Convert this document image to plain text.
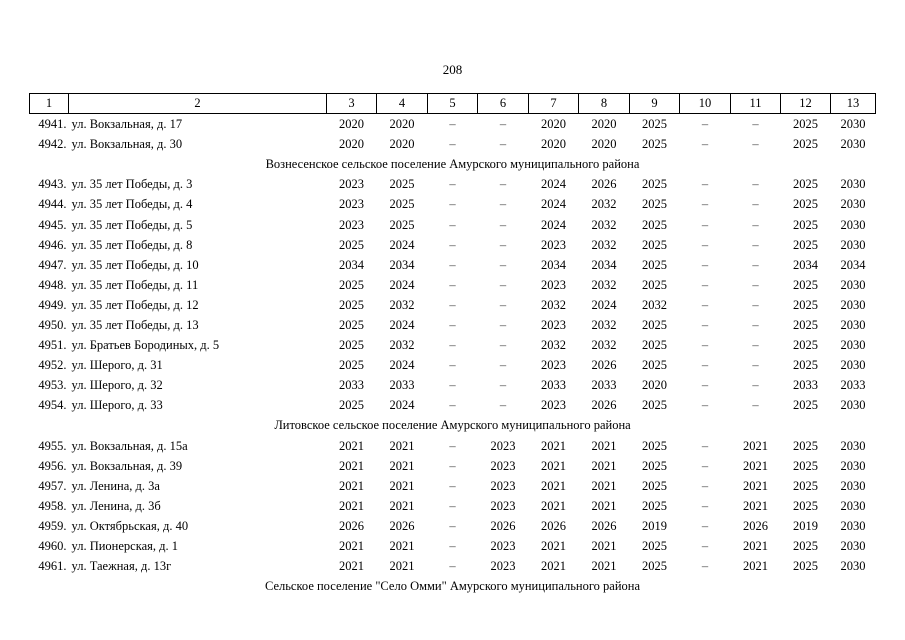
208
1	2	3	4	5	6	7	8	9	10	11	12	13
4941.	ул. Вокзальная, д. 17	2020	2020	–	–	2020	2020	2025	–	–	2025	2030
4942.	ул. Вокзальная, д. 30	2020	2020	–	–	2020	2020	2025	–	–	2025	2030
Вознесенское сельское поселение Амурского муниципального района												
4943.	ул. 35 лет Победы, д. 3	2023	2025	–	–	2024	2026	2025	–	–	2025	2030
4944.	ул. 35 лет Победы, д. 4	2023	2025	–	–	2024	2032	2025	–	–	2025	2030
4945.	ул. 35 лет Победы, д. 5	2023	2025	–	–	2024	2032	2025	–	–	2025	2030
4946.	ул. 35 лет Победы, д. 8	2025	2024	–	–	2023	2032	2025	–	–	2025	2030
4947.	ул. 35 лет Победы, д. 10	2034	2034	–	–	2034	2034	2025	–	–	2034	2034
4948.	ул. 35 лет Победы, д. 11	2025	2024	–	–	2023	2032	2025	–	–	2025	2030
4949.	ул. 35 лет Победы, д. 12	2025	2032	–	–	2032	2024	2032	–	–	2025	2030
4950.	ул. 35 лет Победы, д. 13	2025	2024	–	–	2023	2032	2025	–	–	2025	2030
4951.	ул. Братьев Бородиных, д. 5	2025	2032	–	–	2032	2032	2025	–	–	2025	2030
4952.	ул. Шерого, д. 31	2025	2024	–	–	2023	2026	2025	–	–	2025	2030
4953.	ул. Шерого, д. 32	2033	2033	–	–	2033	2033	2020	–	–	2033	2033
4954.	ул. Шерого, д. 33	2025	2024	–	–	2023	2026	2025	–	–	2025	2030
Литовское сельское поселение Амурского муниципального района												
4955.	ул. Вокзальная, д. 15а	2021	2021	–	2023	2021	2021	2025	–	2021	2025	2030
4956.	ул. Вокзальная, д. 39	2021	2021	–	2023	2021	2021	2025	–	2021	2025	2030
4957.	ул. Ленина, д. 3а	2021	2021	–	2023	2021	2021	2025	–	2021	2025	2030
4958.	ул. Ленина, д. 3б	2021	2021	–	2023	2021	2021	2025	–	2021	2025	2030
4959.	ул. Октябрьская, д. 40	2026	2026	–	2026	2026	2026	2019	–	2026	2019	2030
4960.	ул. Пионерская, д. 1	2021	2021	–	2023	2021	2021	2025	–	2021	2025	2030
4961.	ул. Таежная, д. 13г	2021	2021	–	2023	2021	2021	2025	–	2021	2025	2030
Сельское поселение "Село Омми" Амурского муниципального района												
